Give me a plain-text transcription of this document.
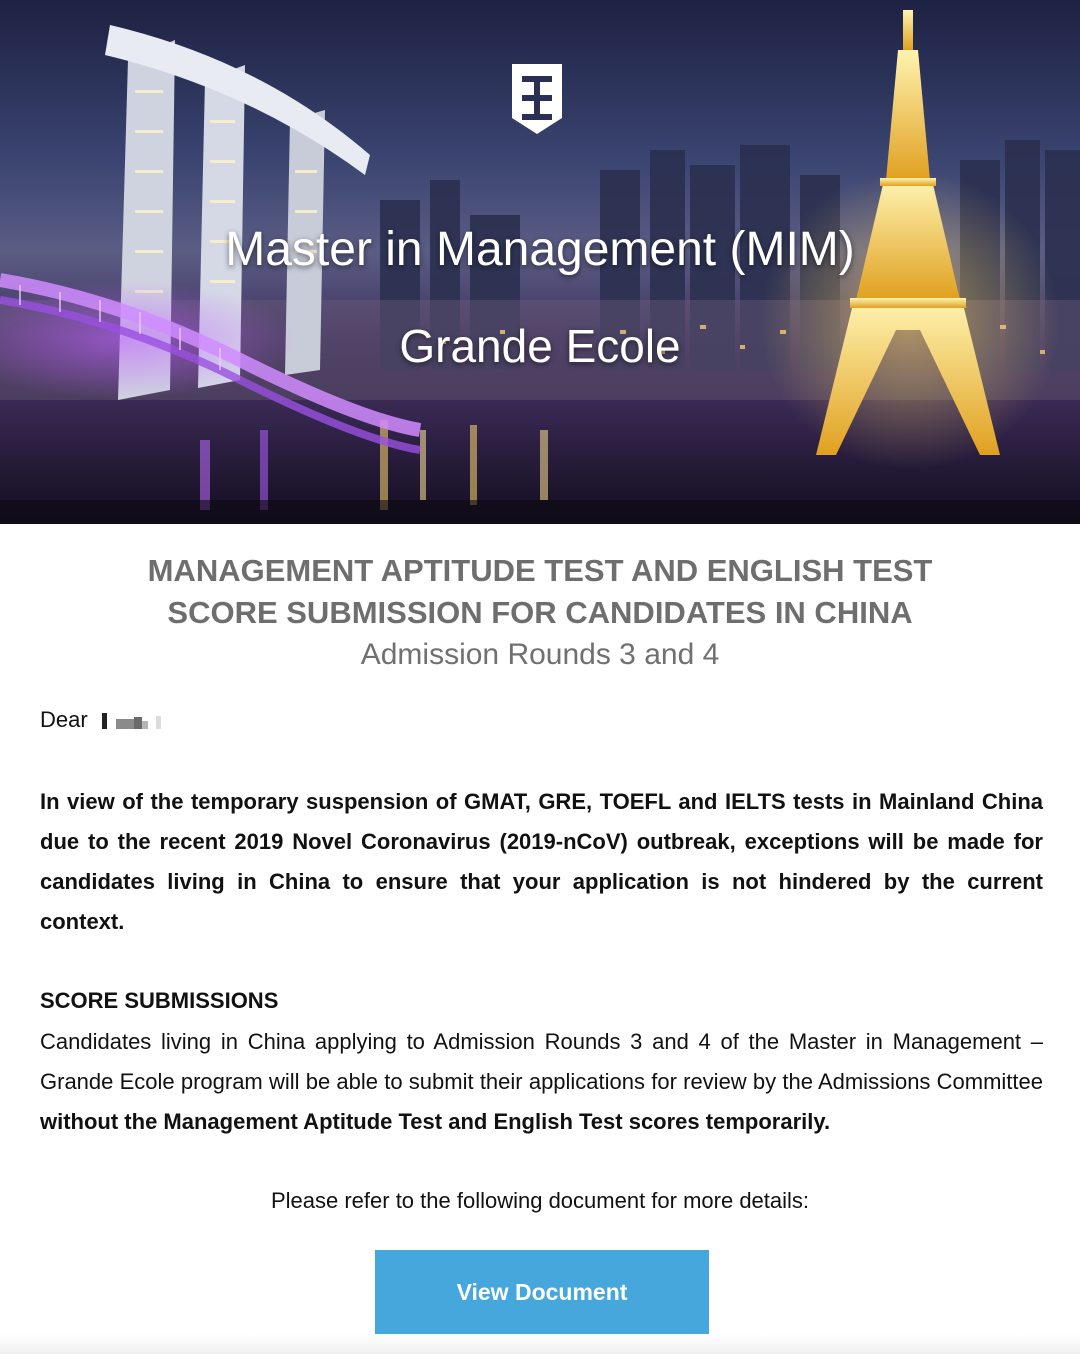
Master in Management (MIM)
Grande Ecole
MANAGEMENT APTITUDE TEST AND ENGLISH TEST
SCORE SUBMISSION FOR CANDIDATES IN CHINA
Admission Rounds 3 and 4
Dear

In view of the temporary suspension of GMAT, GRE, TOEFL and IELTS tests in Mainland China due to the recent 2019 Novel Coronavirus (2019-nCoV) outbreak, exceptions will be made for candidates living in China to ensure that your application is not hindered by the current context.

SCORE SUBMISSIONS

Candidates living in China applying to Admission Rounds 3 and 4 of the Master in Management – Grande Ecole program will be able to submit their applications for review by the Admissions Committee without the Management Aptitude Test and English Test scores temporarily.

Please refer to the following document for more details:
View Document
